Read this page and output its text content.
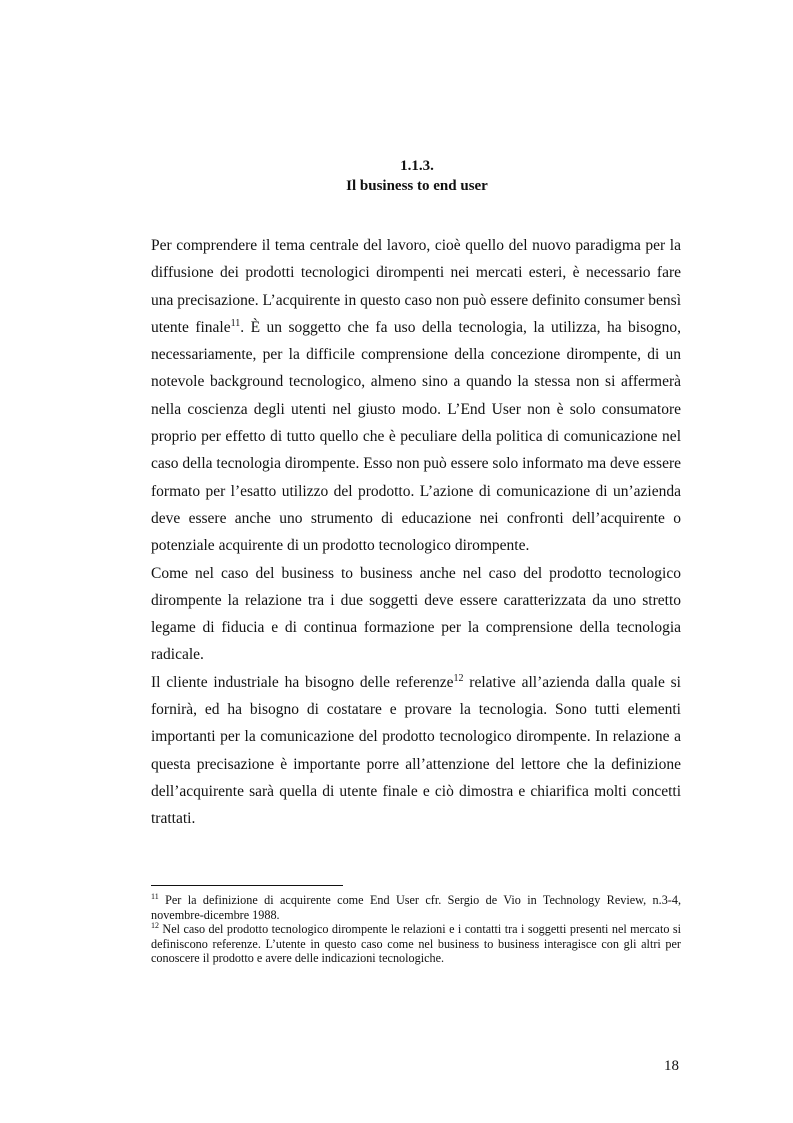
1.1.3.
Il business to end user

Per comprendere il tema centrale del lavoro, cioè quello del nuovo paradigma per la diffusione dei prodotti tecnologici dirompenti nei mercati esteri, è necessario fare una precisazione. L’acquirente in questo caso non può essere definito consumer bensì utente finale$^{11}$. È un soggetto che fa uso della tecnologia, la utilizza, ha bisogno, necessariamente, per la difficile comprensione della concezione dirompente, di un notevole background tecnologico, almeno sino a quando la stessa non si affermerà nella coscienza degli utenti nel giusto modo. L’End User non è solo consumatore proprio per effetto di tutto quello che è peculiare della politica di comunicazione nel caso della tecnologia dirompente. Esso non può essere solo informato ma deve essere formato per l’esatto utilizzo del prodotto. L’azione di comunicazione di un’azienda deve essere anche uno strumento di educazione nei confronti dell’acquirente o potenziale acquirente di un prodotto tecnologico dirompente.

Come nel caso del business to business anche nel caso del prodotto tecnologico dirompente la relazione tra i due soggetti deve essere caratterizzata da uno stretto legame di fiducia e di continua formazione per la comprensione della tecnologia radicale.

Il cliente industriale ha bisogno delle referenze$^{12}$ relative all’azienda dalla quale si fornirà, ed ha bisogno di costatare e provare la tecnologia. Sono tutti elementi importanti per la comunicazione del prodotto tecnologico dirompente. In relazione a questa precisazione è importante porre all’attenzione del lettore che la definizione dell’acquirente sarà quella di utente finale e ciò dimostra e chiarifica molti concetti trattati.

$^{11}$ Per la definizione di acquirente come End User cfr. Sergio de Vio in Technology Review, n.3-4, novembre-dicembre 1988.

$^{12}$ Nel caso del prodotto tecnologico dirompente le relazioni e i contatti tra i soggetti presenti nel mercato si definiscono referenze. L’utente in questo caso come nel business to business interagisce con gli altri per conoscere il prodotto e avere delle indicazioni tecnologiche.

18
